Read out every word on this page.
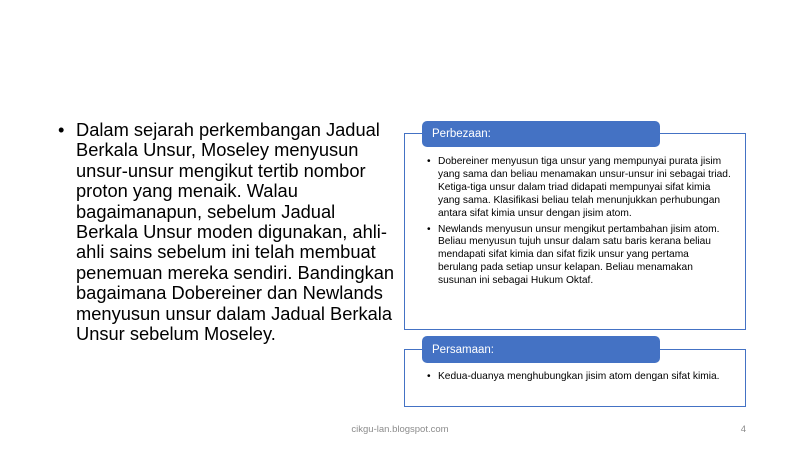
• Dalam sejarah perkembangan Jadual Berkala Unsur, Moseley menyusun unsur-unsur mengikut tertib nombor proton yang menaik. Walau bagaimanapun, sebelum Jadual Berkala Unsur moden digunakan, ahli-ahli sains sebelum ini telah membuat penemuan mereka sendiri. Bandingkan bagaimana Dobereiner dan Newlands menyusun unsur dalam Jadual Berkala Unsur sebelum Moseley.
• Dobereiner menyusun tiga unsur yang mempunyai purata jisim yang sama dan beliau menamakan unsur-unsur ini sebagai triad. Ketiga-tiga unsur dalam triad didapati mempunyai sifat kimia yang sama. Klasifikasi beliau telah menunjukkan perhubungan antara sifat kimia unsur dengan jisim atom.
• Newlands menyusun unsur mengikut pertambahan jisim atom. Beliau menyusun tujuh unsur dalam satu baris kerana beliau mendapati sifat kimia dan sifat fizik unsur yang pertama berulang pada setiap unsur kelapan. Beliau menamakan susunan ini sebagai Hukum Oktaf.
Perbezaan:
• Kedua-duanya menghubungkan jisim atom dengan sifat kimia.
Persamaan:
cikgu-lan.blogspot.com	4
